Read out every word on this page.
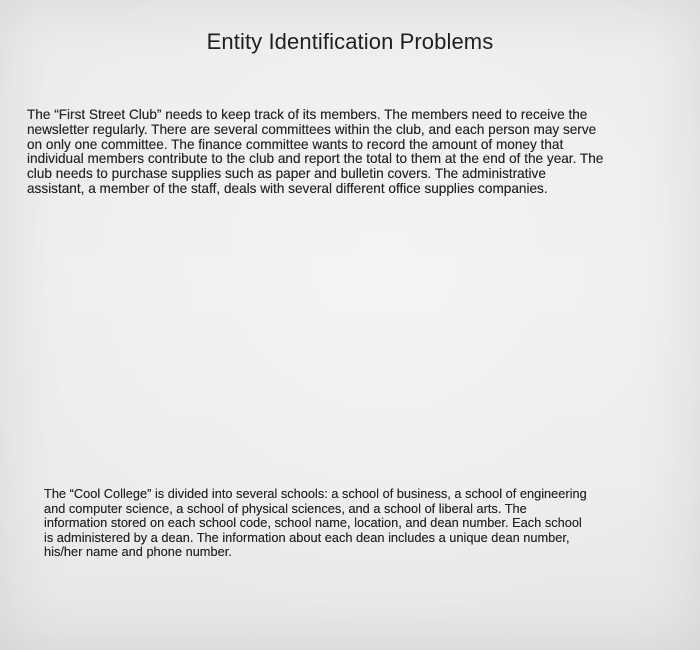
Entity Identification Problems

The “First Street Club” needs to keep track of its members. The members need to receive the
newsletter regularly. There are several committees within the club, and each person may serve
on only one committee. The finance committee wants to record the amount of money that
individual members contribute to the club and report the total to them at the end of the year. The
club needs to purchase supplies such as paper and bulletin covers. The administrative
assistant, a member of the staff, deals with several different office supplies companies.

The “Cool College” is divided into several schools: a school of business, a school of engineering
and computer science, a school of physical sciences, and a school of liberal arts. The
information stored on each school code, school name, location, and dean number. Each school
is administered by a dean. The information about each dean includes a unique dean number,
his/her name and phone number.
